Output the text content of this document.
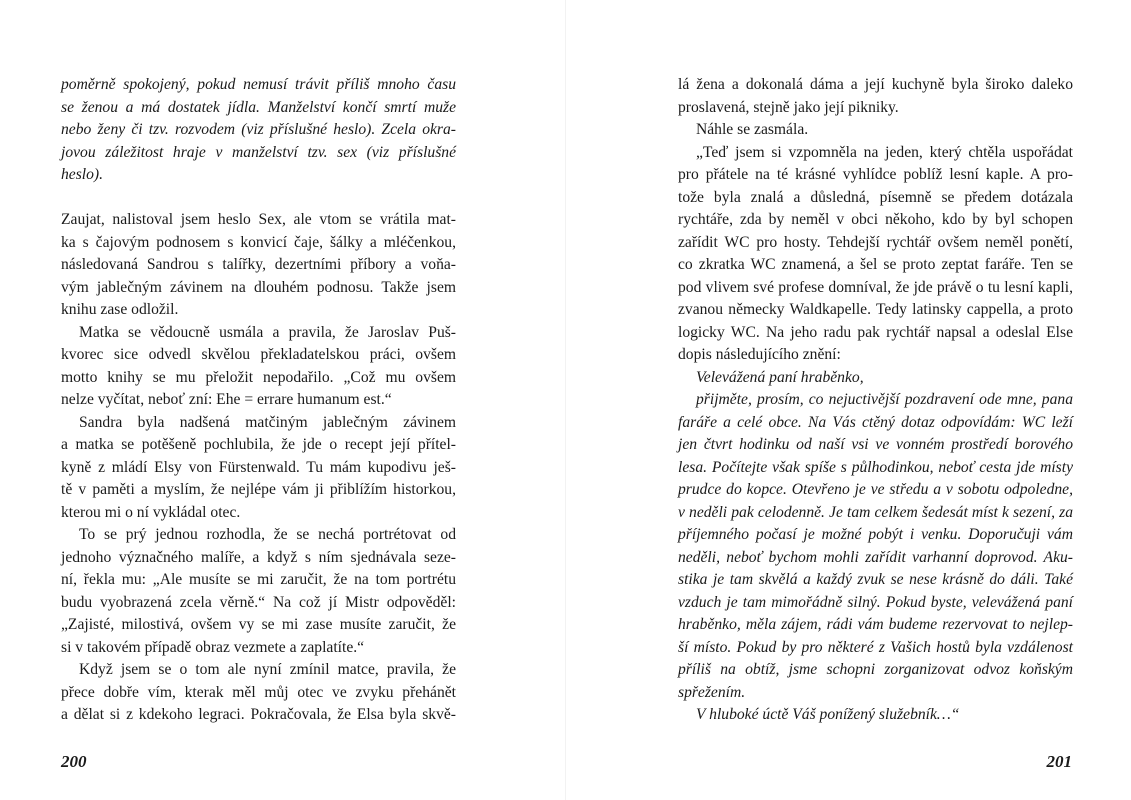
poměrně spokojený, pokud nemusí trávit příliš mnoho času
se ženou a má dostatek jídla. Manželství končí smrtí muže
nebo ženy či tzv. rozvodem (viz příslušné heslo). Zcela okra-
jovou záležitost hraje v manželství tzv. sex (viz příslušné
heslo).
Zaujat, nalistoval jsem heslo Sex, ale vtom se vrátila mat-
ka s čajovým podnosem s konvicí čaje, šálky a mléčenkou,
následovaná Sandrou s talířky, dezertními příbory a voňa-
vým jablečným závinem na dlouhém podnosu. Takže jsem
knihu zase odložil.
Matka se vědoucně usmála a pravila, že Jaroslav Puš-
kvorec sice odvedl skvělou překladatelskou práci, ovšem
motto knihy se mu přeložit nepodařilo. „Což mu ovšem
nelze vyčítat, neboť zní: Ehe = errare humanum est.“
Sandra byla nadšená matčiným jablečným závinem
a matka se potěšeně pochlubila, že jde o recept její přítel-
kyně z mládí Elsy von Fürstenwald. Tu mám kupodivu ješ-
tě v paměti a myslím, že nejlépe vám ji přiblížím historkou,
kterou mi o ní vykládal otec.
To se prý jednou rozhodla, že se nechá portrétovat od
jednoho význačného malíře, a když s ním sjednávala seze-
ní, řekla mu: „Ale musíte se mi zaručit, že na tom portrétu
budu vyobrazená zcela věrně.“ Na což jí Mistr odpověděl:
„Zajisté, milostivá, ovšem vy se mi zase musíte zaručit, že
si v takovém případě obraz vezmete a zaplatíte.“
Když jsem se o tom ale nyní zmínil matce, pravila, že
přece dobře vím, kterak měl můj otec ve zvyku přehánět
a dělat si z kdekoho legraci. Pokračovala, že Elsa byla skvě-
200
lá žena a dokonalá dáma a její kuchyně byla široko daleko
proslavená, stejně jako její pikniky.
Náhle se zasmála.
„Teď jsem si vzpomněla na jeden, který chtěla uspořádat
pro přátele na té krásné vyhlídce poblíž lesní kaple. A pro-
tože byla znalá a důsledná, písemně se předem dotázala
rychtáře, zda by neměl v obci někoho, kdo by byl schopen
zařídit WC pro hosty. Tehdejší rychtář ovšem neměl ponětí,
co zkratka WC znamená, a šel se proto zeptat faráře. Ten se
pod vlivem své profese domníval, že jde právě o tu lesní kapli,
zvanou německy Waldkapelle. Tedy latinsky cappella, a proto
logicky WC. Na jeho radu pak rychtář napsal a odeslal Else
dopis následujícího znění:
Velevážená paní hraběnko,
přijměte, prosím, co nejuctivější pozdravení ode mne, pana
faráře a celé obce. Na Vás ctěný dotaz odpovídám: WC leží
jen čtvrt hodinku od naší vsi ve vonném prostředí borového
lesa. Počítejte však spíše s půlhodinkou, neboť cesta jde místy
prudce do kopce. Otevřeno je ve středu a v sobotu odpoledne,
v neděli pak celodenně. Je tam celkem šedesát míst k sezení, za
příjemného počasí je možné pobýt i venku. Doporučuji vám
neděli, neboť bychom mohli zařídit varhanní doprovod. Aku-
stika je tam skvělá a každý zvuk se nese krásně do dáli. Také
vzduch je tam mimořádně silný. Pokud byste, velevážená paní
hraběnko, měla zájem, rádi vám budeme rezervovat to nejlep-
ší místo. Pokud by pro některé z Vašich hostů byla vzdálenost
příliš na obtíž, jsme schopni zorganizovat odvoz koňským
spřežením.
V hluboké úctě Váš ponížený služebník…“
201
